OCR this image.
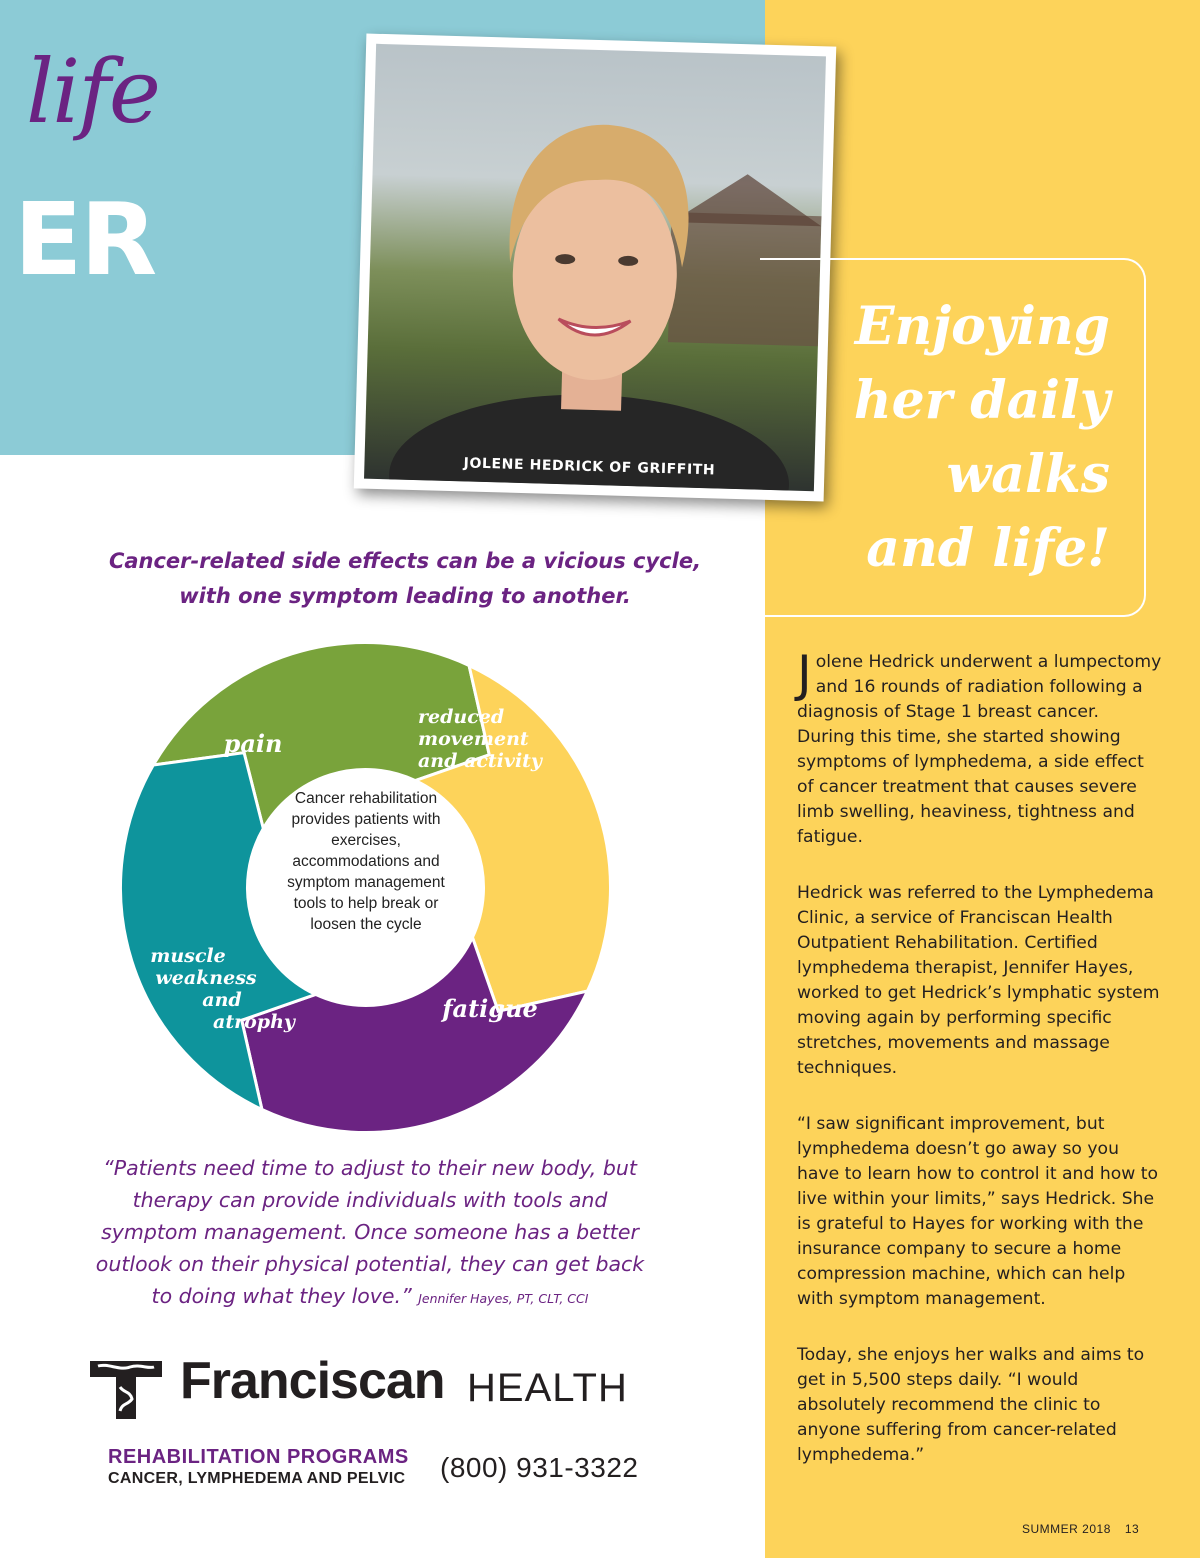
life
ER
JOLENE HEDRICK OF GRIFFITH
Enjoying
her daily
walks
and life!
Cancer-related side effects can be a vicious cycle,
with one symptom leading to another.
pain
reduced movement and activity
fatigue
muscle weakness and atrophy
Cancer rehabilitation provides patients with exercises, accommodations and symptom management tools to help break or loosen the cycle
“Patients need time to adjust to their new body, but therapy can provide individuals with tools and symptom management. Once someone has a better outlook on their physical potential, they can get back to doing what they love.” Jennifer Hayes, PT, CLT, CCI
Franciscan HEALTH
REHABILITATION PROGRAMS
CANCER, LYMPHEDEMA AND PELVIC (800) 931-3322

Jolene Hedrick underwent a lumpectomy and 16 rounds of radiation following a diagnosis of Stage 1 breast cancer. During this time, she started showing symptoms of lymphedema, a side effect of cancer treatment that causes severe limb swelling, heaviness, tightness and fatigue.

Hedrick was referred to the Lymphedema Clinic, a service of Franciscan Health Outpatient Rehabilitation. Certified lymphedema therapist, Jennifer Hayes, worked to get Hedrick’s lymphatic system moving again by performing specific stretches, movements and massage techniques.

“I saw significant improvement, but lymphedema doesn’t go away so you have to learn how to control it and how to live within your limits,” says Hedrick. She is grateful to Hayes for working with the insurance company to secure a home compression machine, which can help with symptom management.

Today, she enjoys her walks and aims to get in 5,500 steps daily. “I would absolutely recommend the clinic to anyone suffering from cancer-related lymphedema.”

SUMMER 2018 13
